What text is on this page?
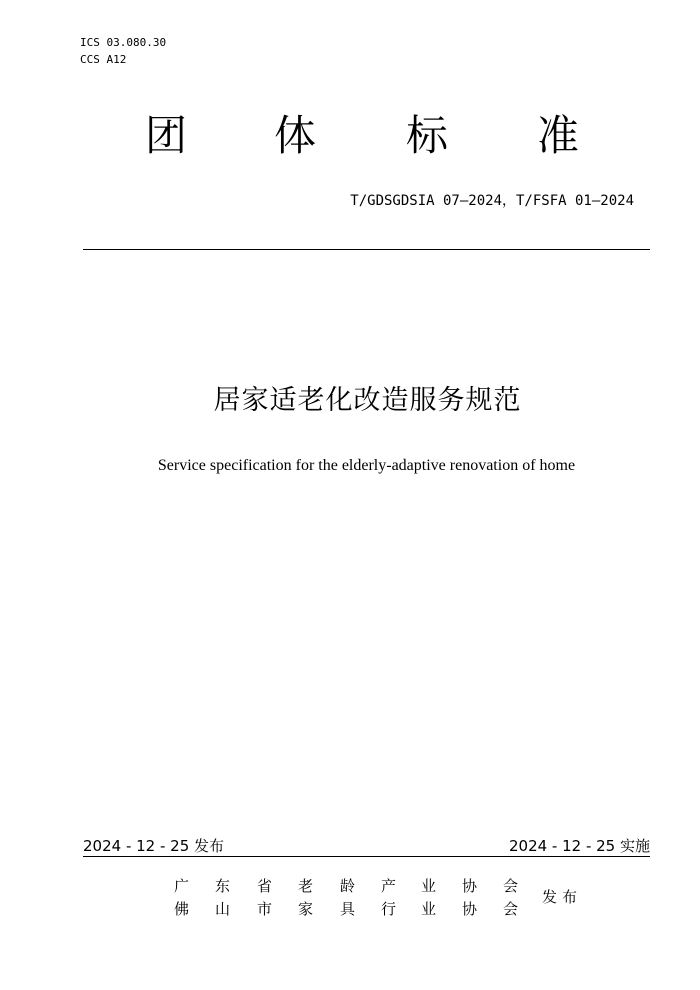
ICS 03.080.30
CCS A12
团 体 标 准
T/GDSGDSIA 07—2024，T/FSFA 01—2024
居家适老化改造服务规范
Service specification for the elderly-adaptive renovation of home
2024 - 12 - 25 发布	2024 - 12 - 25 实施
广 东 省 老 龄 产 业 协 会
佛 山 市 家 具 行 业 协 会
发布
